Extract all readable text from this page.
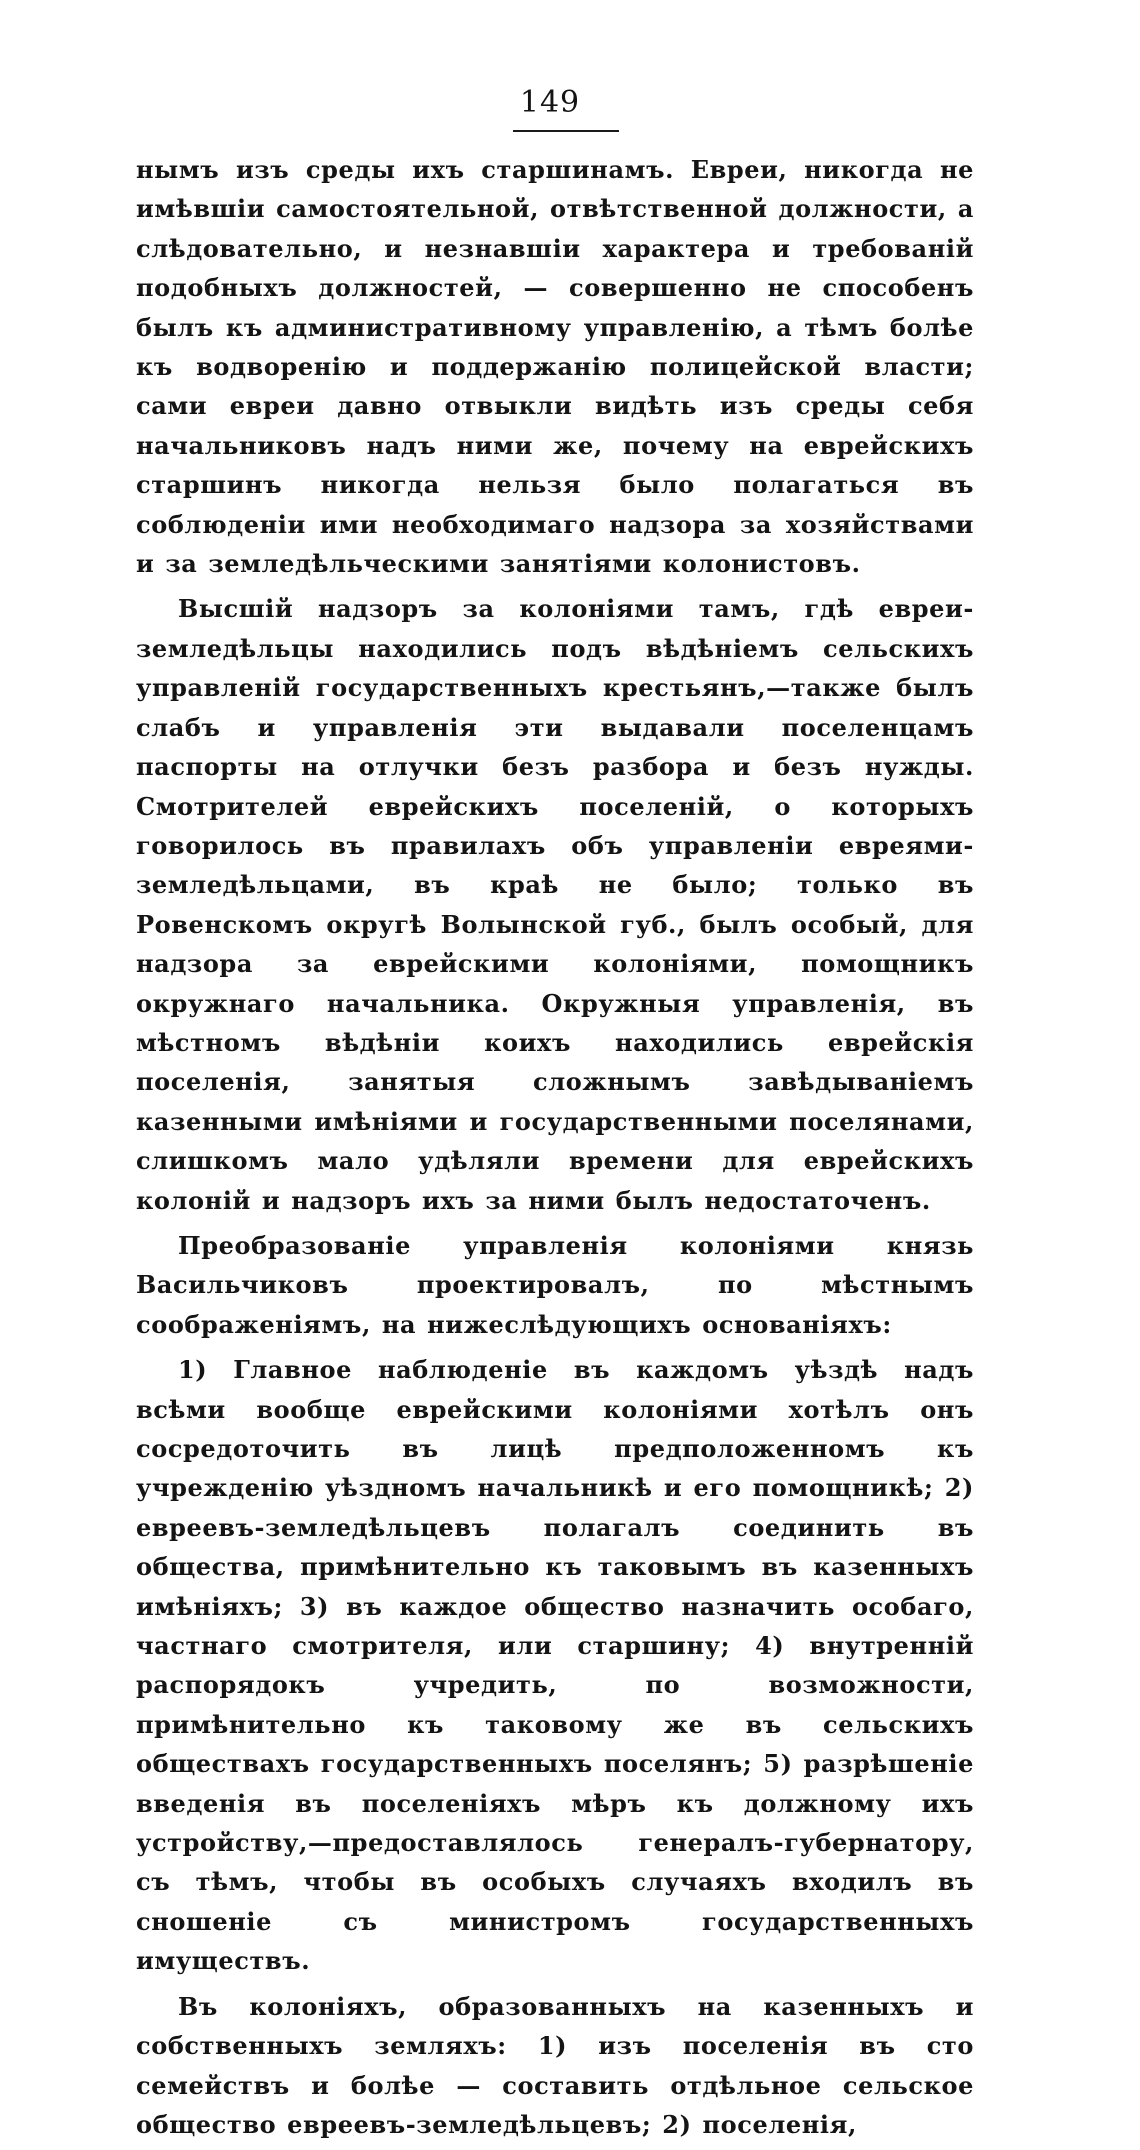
149

нымъ изъ среды ихъ старшинамъ. Евреи, никогда не имѣвшіи самостоятельной, отвѣтственной должности, а слѣдовательно, и незнавшіи характера и требованій подобныхъ должностей, — совершенно не способенъ былъ къ административному управленію, а тѣмъ болѣе къ водворенію и поддержанію полицейской власти; сами евреи давно отвыкли видѣть изъ среды себя начальниковъ надъ ними же, почему на еврейскихъ старшинъ никогда нельзя было полагаться въ соблюденіи ими необходимаго надзора за хозяйствами и за земледѣльческими занятіями колонистовъ.

Высшій надзоръ за колоніями тамъ, гдѣ евреи-земледѣльцы находились подъ вѣдѣніемъ сельскихъ управленій государственныхъ крестьянъ,—также былъ слабъ и управленія эти выдавали поселенцамъ паспорты на отлучки безъ разбора и безъ нужды. Смотрителей еврейскихъ поселеній, о которыхъ говорилось въ правилахъ объ управленіи евреями-земледѣльцами, въ краѣ не было; только въ Ровенскомъ округѣ Волынской губ., былъ особый, для надзора за еврейскими колоніями, помощникъ окружнаго начальника. Окружныя управленія, въ мѣстномъ вѣдѣніи коихъ находились еврейскія поселенія, занятыя сложнымъ завѣдываніемъ казенными имѣніями и государственными поселянами, слишкомъ мало удѣляли времени для еврейскихъ колоній и надзоръ ихъ за ними былъ недостаточенъ.

Преобразованіе управленія колоніями князь Васильчиковъ проектировалъ, по мѣстнымъ соображеніямъ, на нижеслѣдующихъ основаніяхъ:

1) Главное наблюденіе въ каждомъ уѣздѣ надъ всѣми вообще еврейскими колоніями хотѣлъ онъ сосредоточить въ лицѣ предположенномъ къ учрежденію уѣздномъ начальникѣ и его помощникѣ; 2) евреевъ-земледѣльцевъ полагалъ соединить въ общества, примѣнительно къ таковымъ въ казенныхъ имѣніяхъ; 3) въ каждое общество назначить особаго, частнаго смотрителя, или старшину; 4) внутренній распорядокъ учредить, по возможности, примѣнительно къ таковому же въ сельскихъ обществахъ государственныхъ поселянъ; 5) разрѣшеніе введенія въ поселеніяхъ мѣръ къ должному ихъ устройству,—предоставлялось генералъ-губернатору, съ тѣмъ, чтобы въ особыхъ случаяхъ входилъ въ сношеніе съ министромъ государственныхъ имуществъ.

Въ колоніяхъ, образованныхъ на казенныхъ и собственныхъ земляхъ: 1) изъ поселенія въ сто семействъ и болѣе — составить отдѣльное сельское общество евреевъ-земледѣльцевъ; 2) поселенія,
